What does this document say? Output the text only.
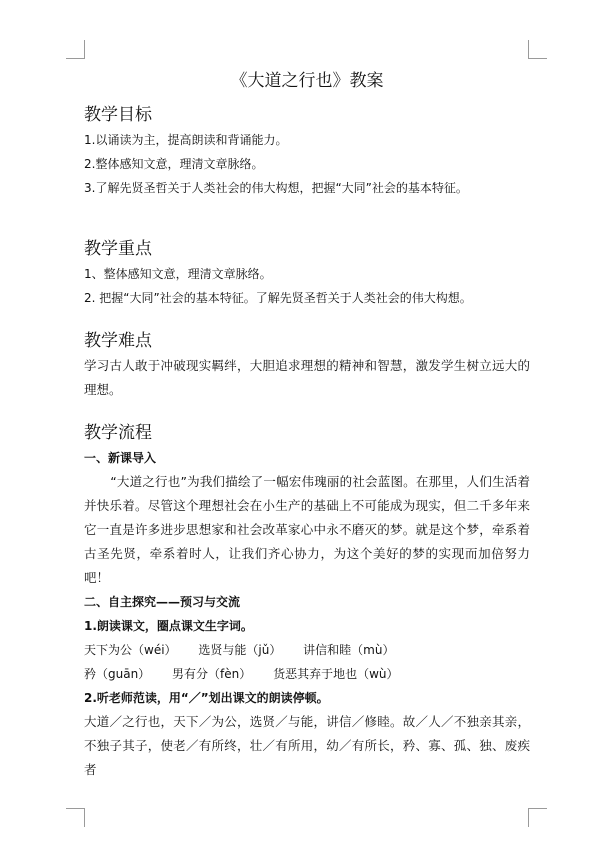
《大道之行也》教案
教学目标
1.以诵读为主，提高朗读和背诵能力。
2.整体感知文意，理清文章脉络。
3.了解先贤圣哲关于人类社会的伟大构想，把握“大同”社会的基本特征。
教学重点
1、整体感知文意，理清文章脉络。
2. 把握“大同”社会的基本特征。了解先贤圣哲关于人类社会的伟大构想。
教学难点
学习古人敢于冲破现实羁绊，大胆追求理想的精神和智慧，激发学生树立远大的理想。
教学流程
一、新课导入
“大道之行也”为我们描绘了一幅宏伟瑰丽的社会蓝图。在那里，人们生活着并快乐着。尽管这个理想社会在小生产的基础上不可能成为现实，但二千多年来它一直是许多进步思想家和社会改革家心中永不磨灭的梦。就是这个梦，牵系着古圣先贤，牵系着时人，让我们齐心协力，为这个美好的梦的实现而加倍努力吧！
二、自主探究——预习与交流
1.朗读课文，圈点课文生字词。
天下为公（wéi） 选贤与能（jǔ） 讲信和睦（mù）
矜（guān） 男有分（fèn） 货恶其弃于地也（wù）
2.听老师范读，用“／”划出课文的朗读停顿。
大道／之行也，天下／为公，选贤／与能，讲信／修睦。故／人／不独亲其亲，不独子其子，使老／有所终，壮／有所用，幼／有所长，矜、寡、孤、独、废疾者
